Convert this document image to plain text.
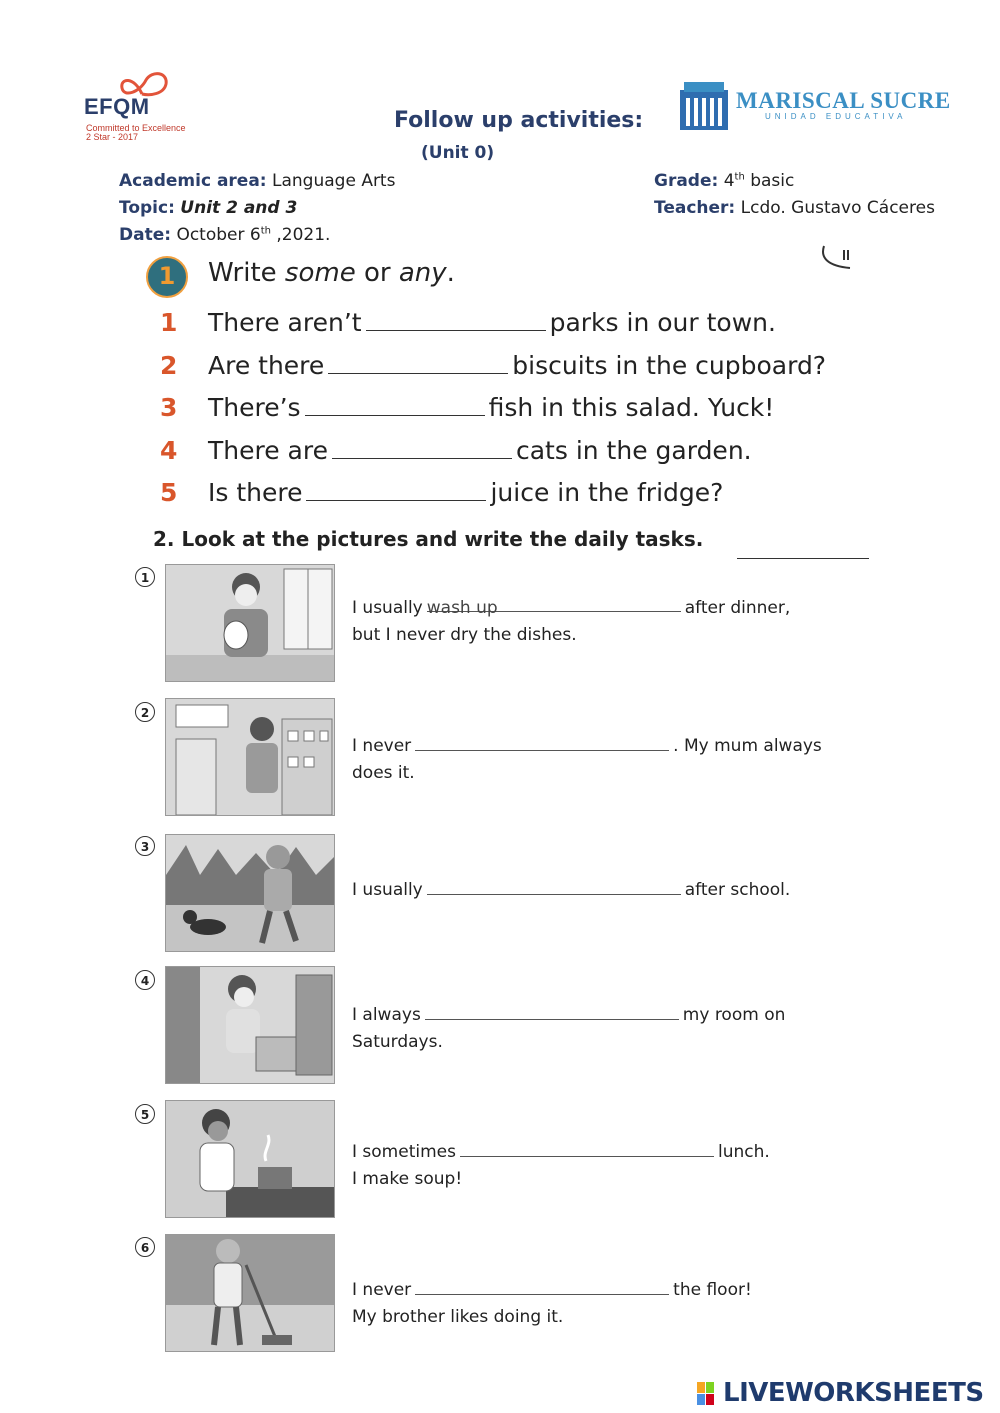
EFQM
Committed to Excellence
2 Star - 2017
Follow up activities:
(Unit 0)
MARISCAL SUCRE
UNIDAD EDUCATIVA
Academic area: Language Arts
Topic: Unit 2 and 3
Date: October 6th ,2021.
Grade: 4th basic
Teacher: Lcdo. Gustavo Cáceres
1	Write some or any.
1 There aren’t	parks in our town.
2 Are there	biscuits in the cupboard?
3 There’s	fish in this salad. Yuck!
4 There are	cats in the garden.
5 Is there	juice in the fridge?
2. Look at the pictures and write the daily tasks.
1
I usually wash up	after dinner,
but I never dry the dishes.
2
I never	. My mum always
does it.
3
I usually	after school.
4
I always	my room on
Saturdays.
5
I sometimes	lunch.
I make soup!
6
I never	the floor!
My brother likes doing it.
LIVEWORKSHEETS
